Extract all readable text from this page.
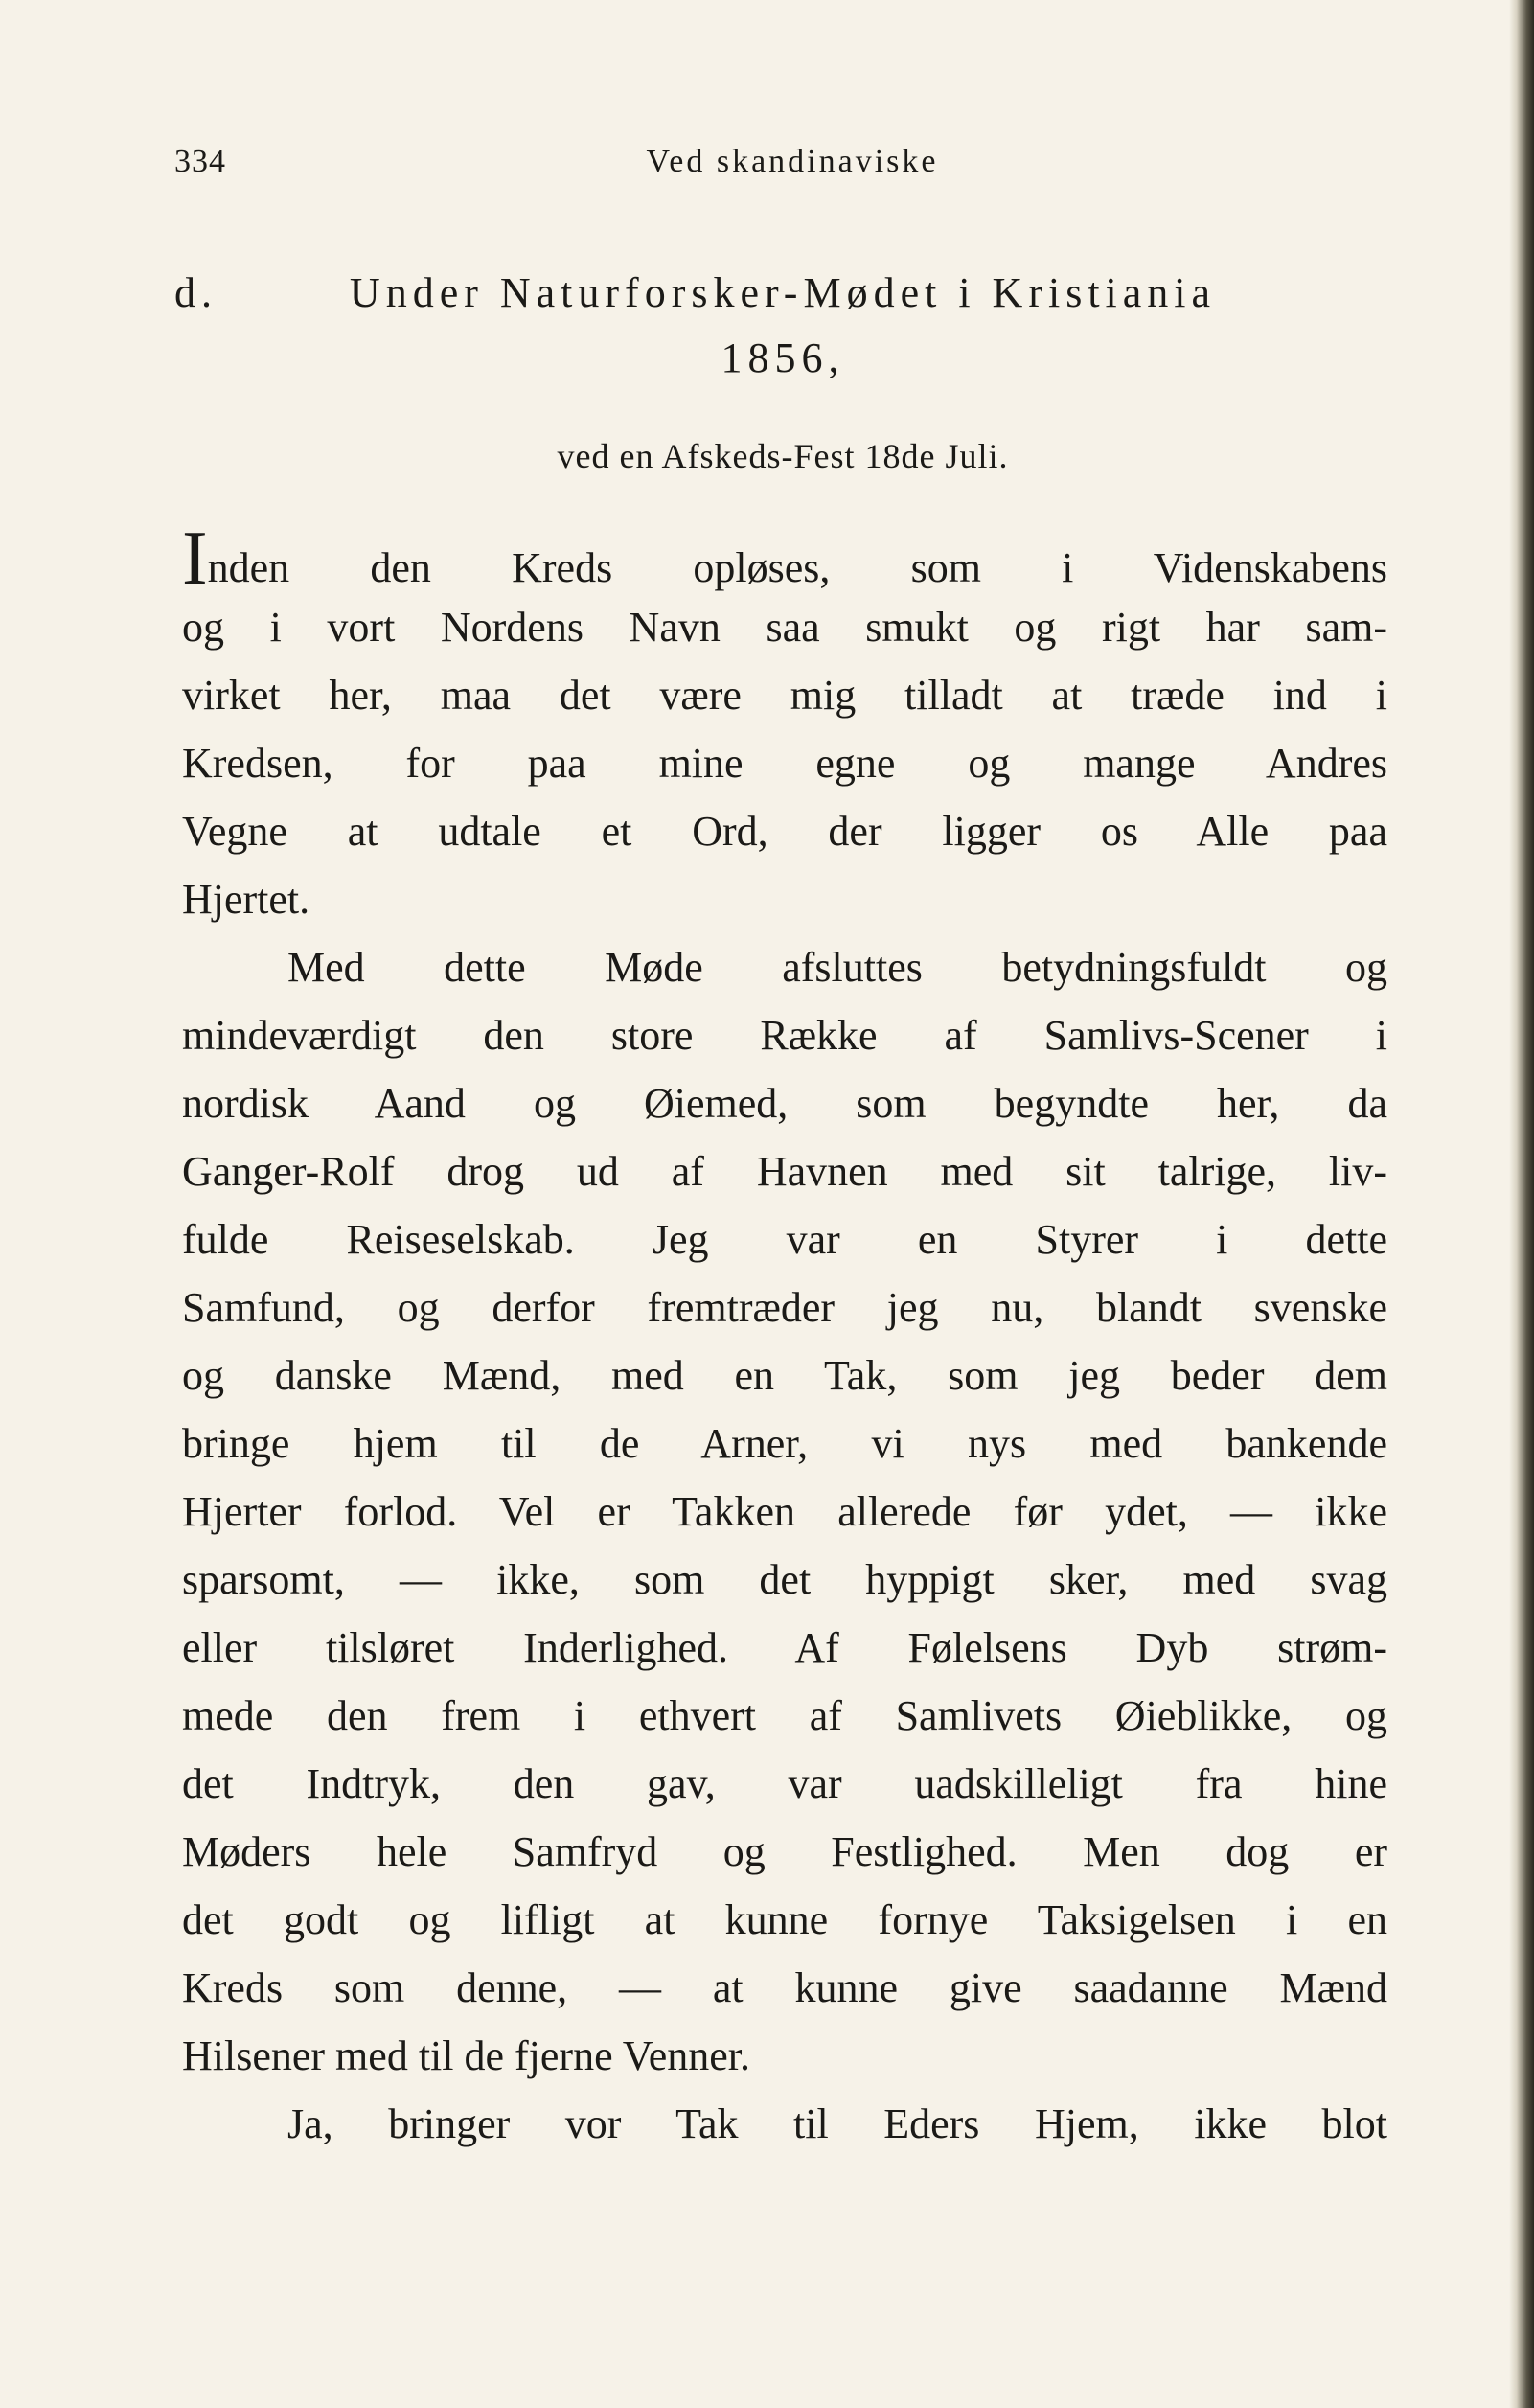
334	Ved skandinaviske
d.	Under Naturforsker-Mødet i Kristiania
1856,
ved en Afskeds-Fest 18de Juli.
Inden den Kreds opløses, som i Videnskabens
og i vort Nordens Navn saa smukt og rigt har sam-
virket her, maa det være mig tilladt at træde ind i
Kredsen, for paa mine egne og mange Andres
Vegne at udtale et Ord, der ligger os Alle paa
Hjertet.
Med dette Møde afsluttes betydningsfuldt og
mindeværdigt den store Række af Samlivs-Scener i
nordisk Aand og Øiemed, som begyndte her, da
Ganger-Rolf drog ud af Havnen med sit talrige, liv-
fulde Reiseselskab. Jeg var en Styrer i dette
Samfund, og derfor fremtræder jeg nu, blandt svenske
og danske Mænd, med en Tak, som jeg beder dem
bringe hjem til de Arner, vi nys med bankende
Hjerter forlod. Vel er Takken allerede før ydet, — ikke
sparsomt, — ikke, som det hyppigt sker, med svag
eller tilsløret Inderlighed. Af Følelsens Dyb strøm-
mede den frem i ethvert af Samlivets Øieblikke, og
det Indtryk, den gav, var uadskilleligt fra hine
Møders hele Samfryd og Festlighed. Men dog er
det godt og lifligt at kunne fornye Taksigelsen i en
Kreds som denne, — at kunne give saadanne Mænd
Hilsener med til de fjerne Venner.
Ja, bringer vor Tak til Eders Hjem, ikke blot
